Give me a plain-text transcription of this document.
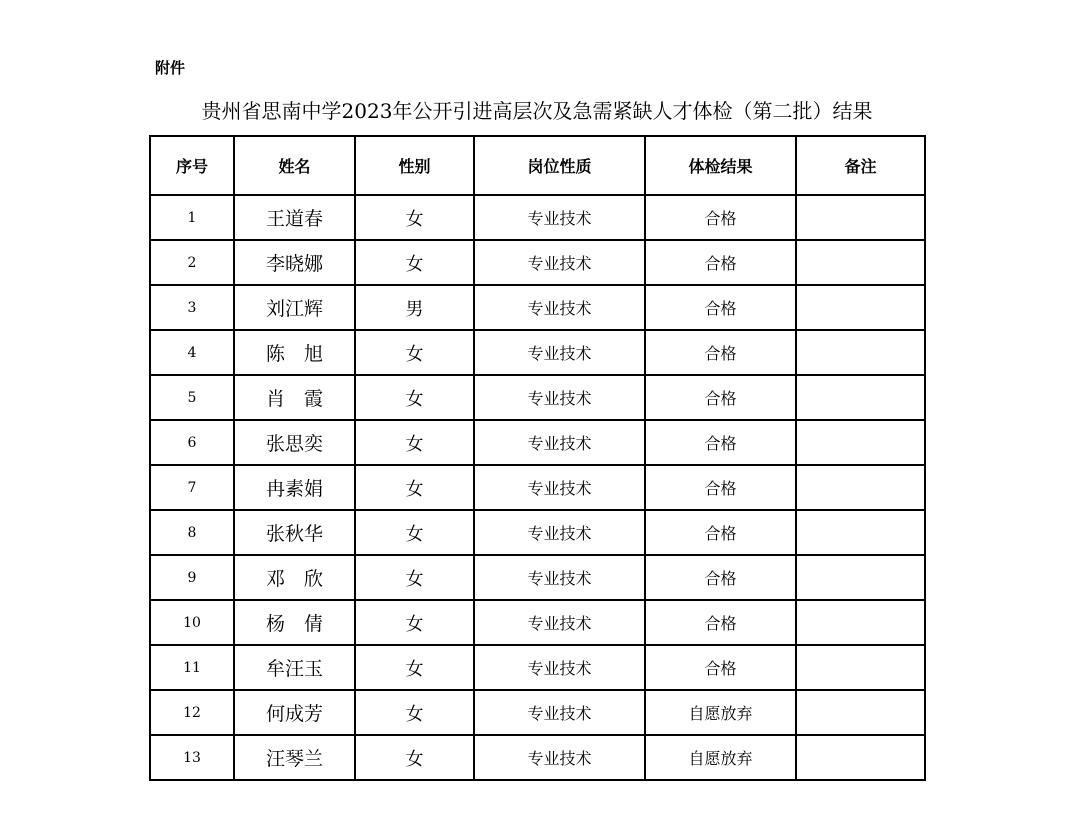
附件
贵州省思南中学2023年公开引进高层次及急需紧缺人才体检（第二批）结果
序号	姓名	性别	岗位性质	体检结果	备注
1	王道春	女	专业技术	合格	
2	李晓娜	女	专业技术	合格	
3	刘江辉	男	专业技术	合格	
4	陈　旭	女	专业技术	合格	
5	肖　霞	女	专业技术	合格	
6	张思奕	女	专业技术	合格	
7	冉素娟	女	专业技术	合格	
8	张秋华	女	专业技术	合格	
9	邓　欣	女	专业技术	合格	
10	杨　倩	女	专业技术	合格	
11	牟汪玉	女	专业技术	合格	
12	何成芳	女	专业技术	自愿放弃	
13	汪琴兰	女	专业技术	自愿放弃	
